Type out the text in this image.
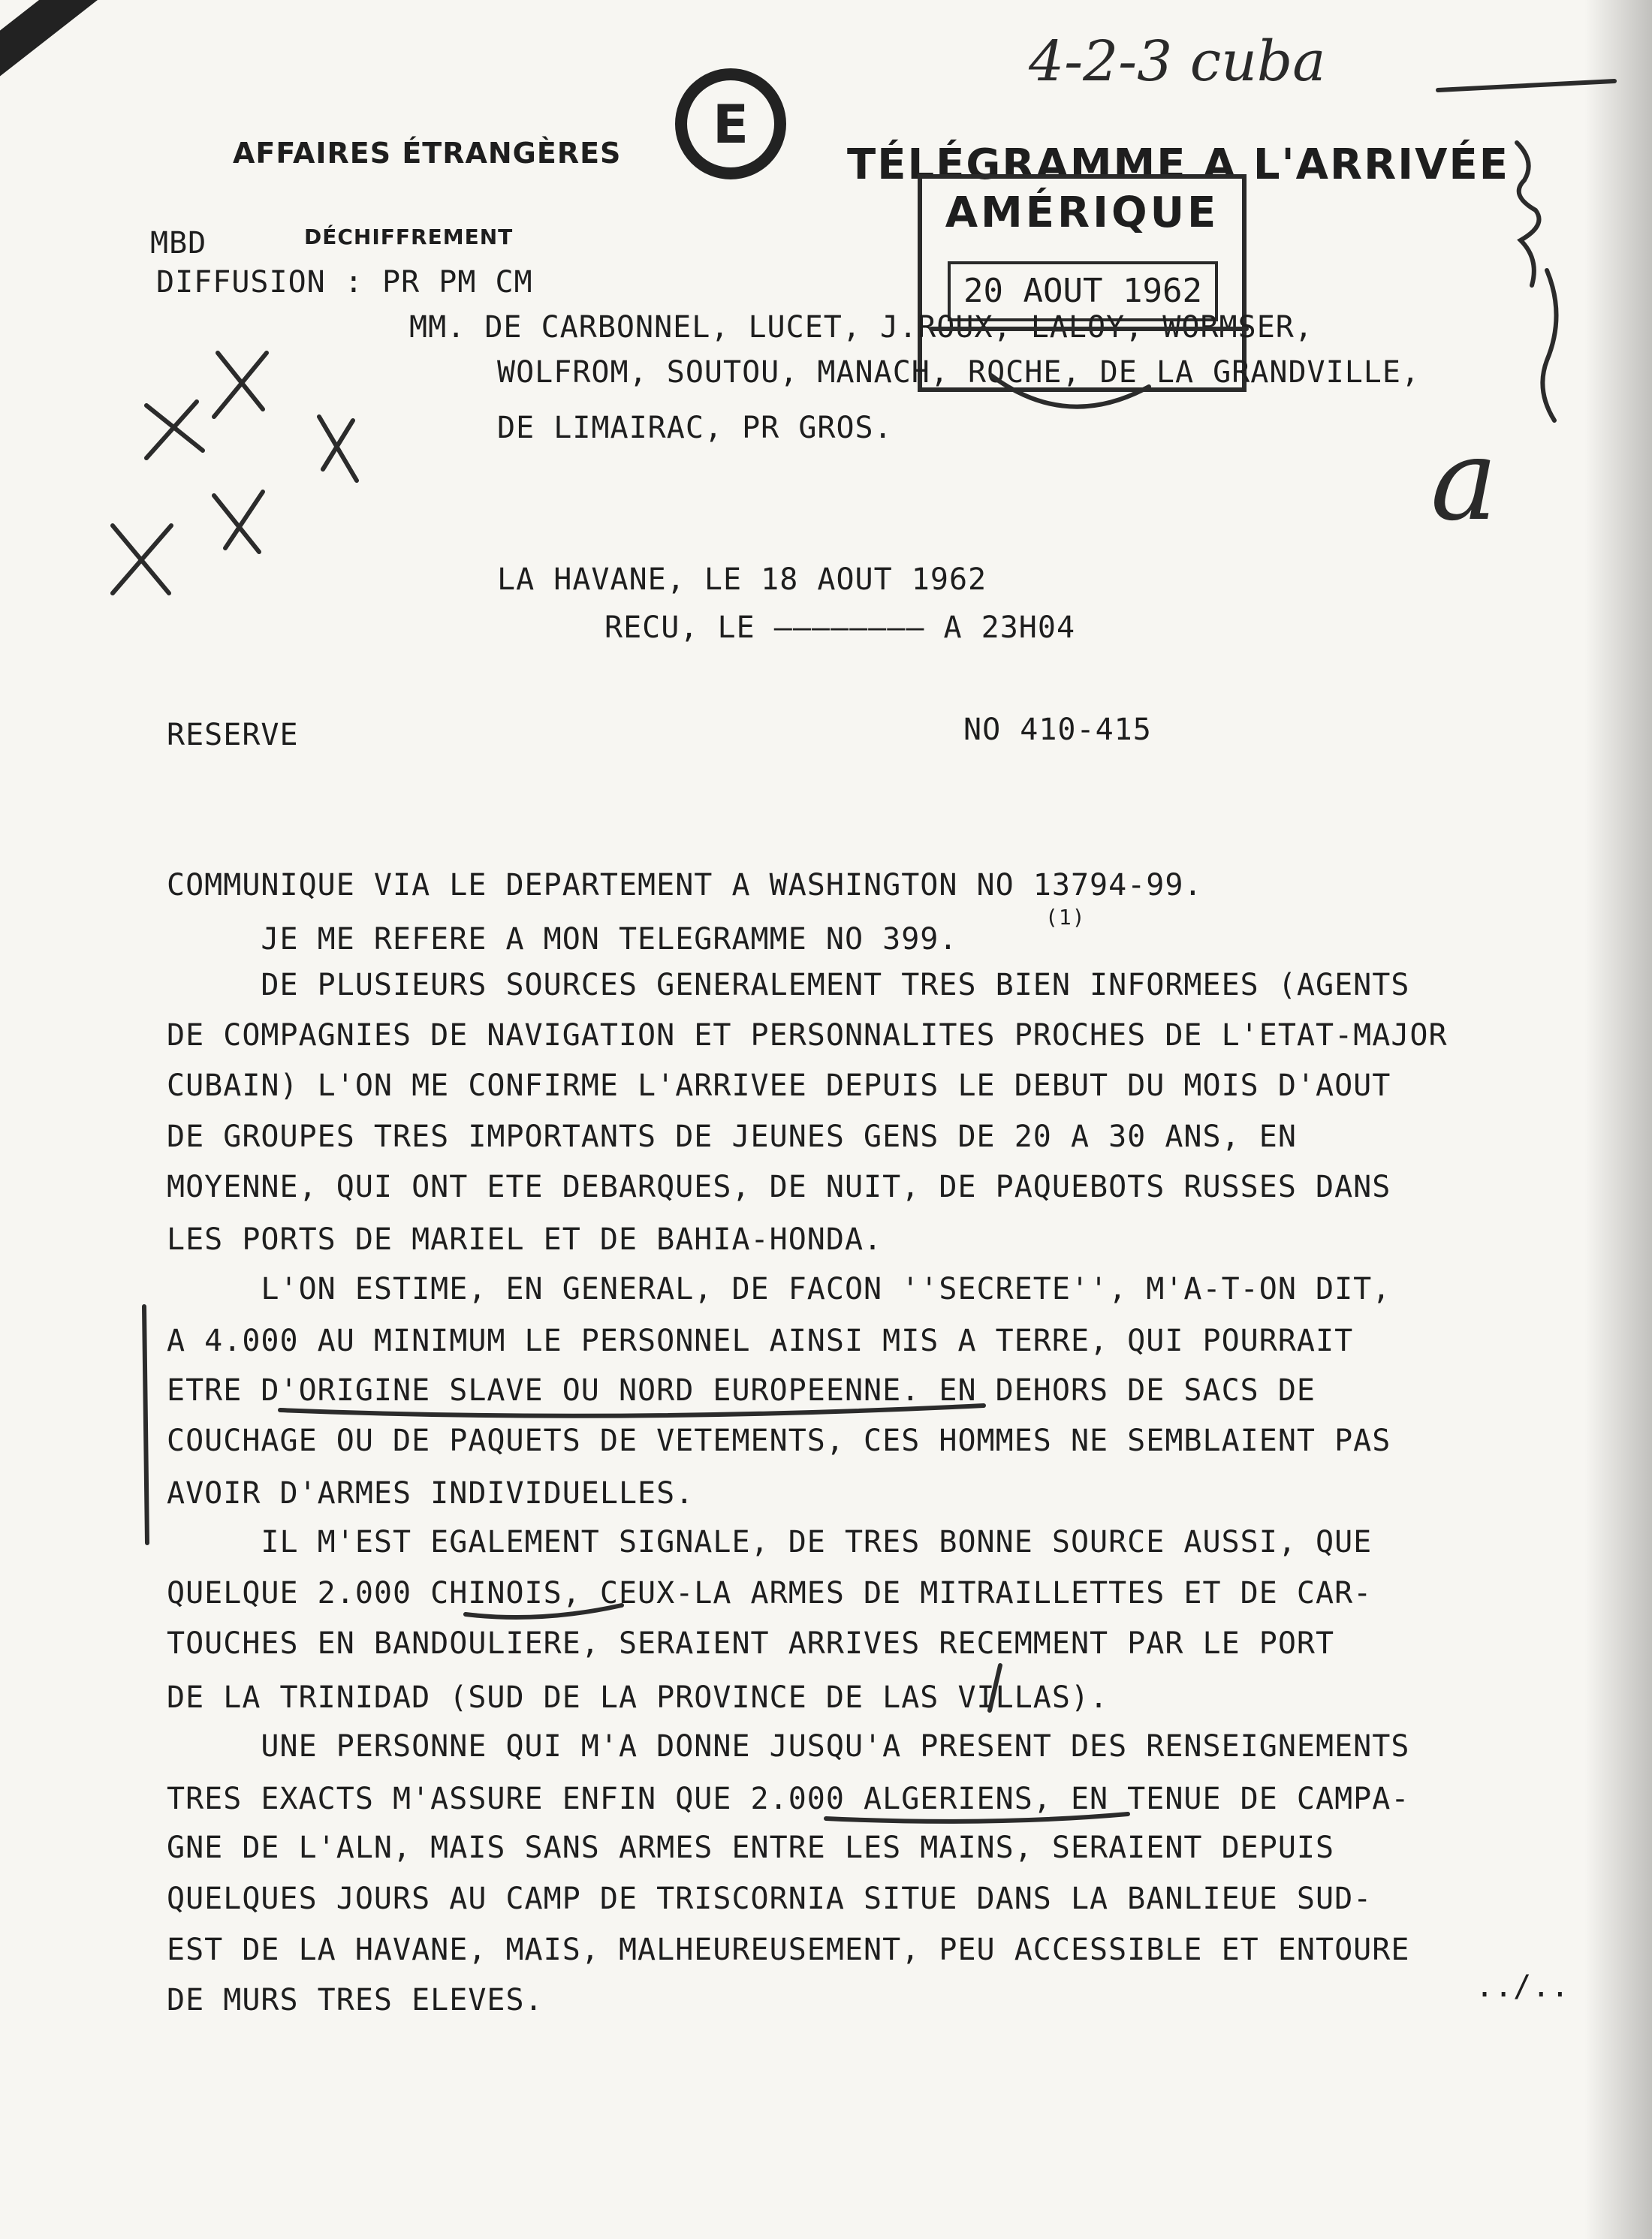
4-2-3 cuba
a
AFFAIRES ÉTRANGÈRES	TÉLÉGRAMME A L'ARRIVÉE
MBD	DÉCHIFFREMENT
DIFFUSION : PR PM CM
E
AMÉRIQUE
20 AOUT 1962
MM. DE CARBONNEL, LUCET, J.ROUX, LALOY, WORMSER,
WOLFROM, SOUTOU, MANACH, ROCHE, DE LA GRANDVILLE,
DE LIMAIRAC, PR GROS.
LA HAVANE, LE 18 AOUT 1962
RECU, LE ———————— A 23H04
RESERVE	NO 410-415
COMMUNIQUE VIA LE DEPARTEMENT A WASHINGTON NO 13794-99.
JE ME REFERE A MON TELEGRAMME NO 399.
(1)
DE PLUSIEURS SOURCES GENERALEMENT TRES BIEN INFORMEES (AGENTS
DE COMPAGNIES DE NAVIGATION ET PERSONNALITES PROCHES DE L'ETAT-MAJOR
CUBAIN) L'ON ME CONFIRME L'ARRIVEE DEPUIS LE DEBUT DU MOIS D'AOUT
DE GROUPES TRES IMPORTANTS DE JEUNES GENS DE 20 A 30 ANS, EN
MOYENNE, QUI ONT ETE DEBARQUES, DE NUIT, DE PAQUEBOTS RUSSES DANS
LES PORTS DE MARIEL ET DE BAHIA-HONDA.
L'ON ESTIME, EN GENERAL, DE FACON ''SECRETE'', M'A-T-ON DIT,
A 4.000 AU MINIMUM LE PERSONNEL AINSI MIS A TERRE, QUI POURRAIT
ETRE D'ORIGINE SLAVE OU NORD EUROPEENNE. EN DEHORS DE SACS DE
COUCHAGE OU DE PAQUETS DE VETEMENTS, CES HOMMES NE SEMBLAIENT PAS
AVOIR D'ARMES INDIVIDUELLES.
IL M'EST EGALEMENT SIGNALE, DE TRES BONNE SOURCE AUSSI, QUE
QUELQUE 2.000 CHINOIS, CEUX-LA ARMES DE MITRAILLETTES ET DE CAR-
TOUCHES EN BANDOULIERE, SERAIENT ARRIVES RECEMMENT PAR LE PORT
DE LA TRINIDAD (SUD DE LA PROVINCE DE LAS VILLAS).
UNE PERSONNE QUI M'A DONNE JUSQU'A PRESENT DES RENSEIGNEMENTS
TRES EXACTS M'ASSURE ENFIN QUE 2.000 ALGERIENS, EN TENUE DE CAMPA-
GNE DE L'ALN, MAIS SANS ARMES ENTRE LES MAINS, SERAIENT DEPUIS
QUELQUES JOURS AU CAMP DE TRISCORNIA SITUE DANS LA BANLIEUE SUD-
EST DE LA HAVANE, MAIS, MALHEUREUSEMENT, PEU ACCESSIBLE ET ENTOURE
DE MURS TRES ELEVES.	../..
